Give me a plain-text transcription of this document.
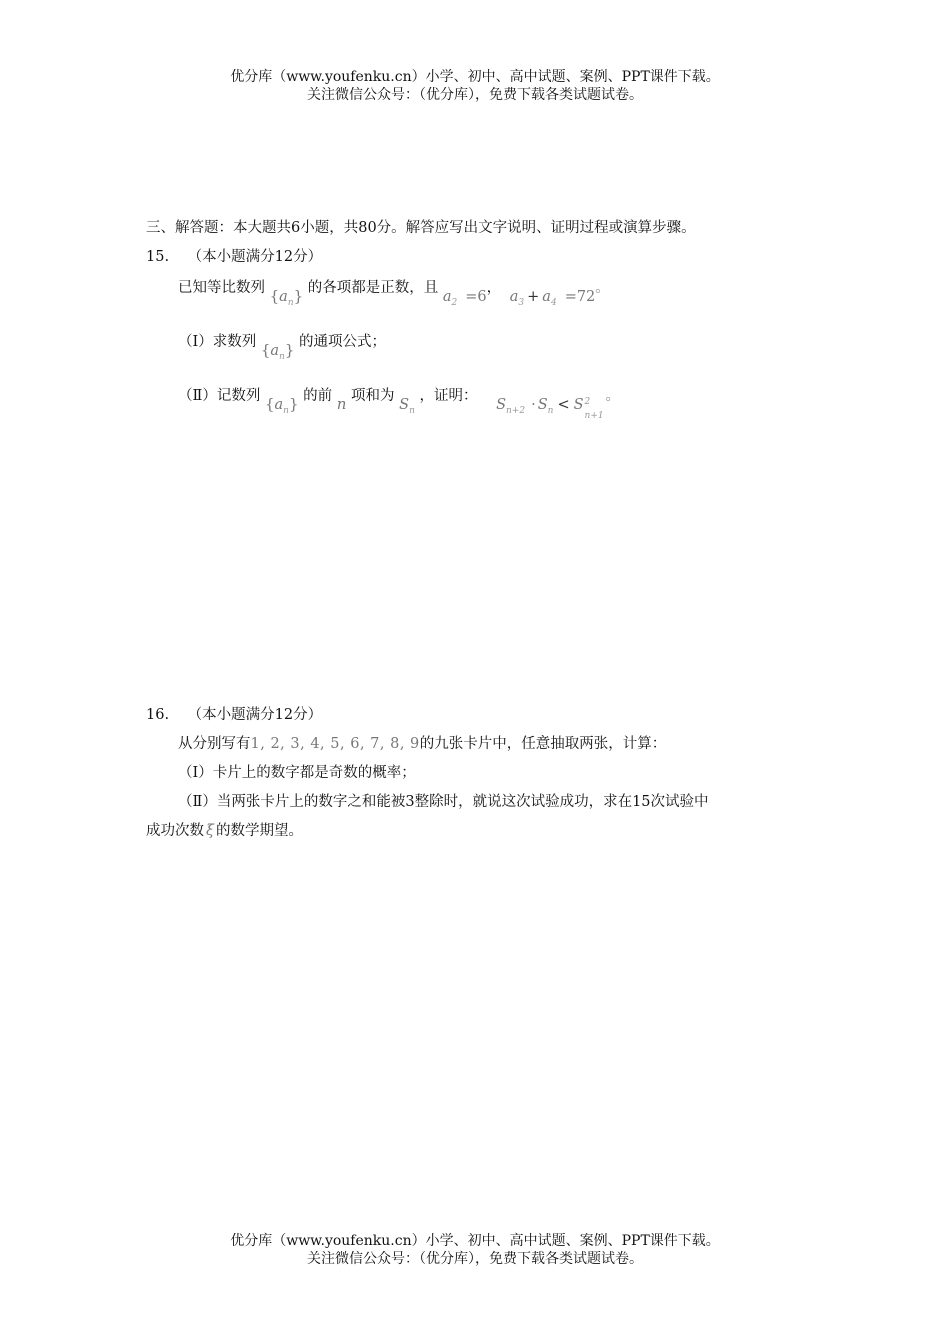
优分库（www.youfenku.cn）小学、初中、高中试题、案例、PPT课件下载。
关注微信公众号：（优分库），免费下载各类试题试卷。
三、解答题：本大题共6小题，共80分。解答应写出文字说明、证明过程或演算步骤。
15. （本小题满分12分）
已知等比数列 $\{a_n\}$ 的各项都是正数，且 $a_2 =6$， $a_3 + a_4 =72$。
（Ⅰ）求数列 $\{a_n\}$ 的通项公式；
（Ⅱ）记数列 $\{a_n\}$ 的前 n 项和为 $S_n$ ，证明： $S_{n+2} \cdot S_n < S$ 2
n+1
。
16. （本小题满分12分）
从分别写有1, 2, 3, 4, 5, 6, 7, 8, 9的九张卡片中，任意抽取两张，计算：
（Ⅰ）卡片上的数字都是奇数的概率；
（Ⅱ）当两张卡片上的数字之和能被3整除时，就说这次试验成功，求在15次试验中
成功次数 ξ 的数学期望。
优分库（www.youfenku.cn）小学、初中、高中试题、案例、PPT课件下载。
关注微信公众号：（优分库），免费下载各类试题试卷。
